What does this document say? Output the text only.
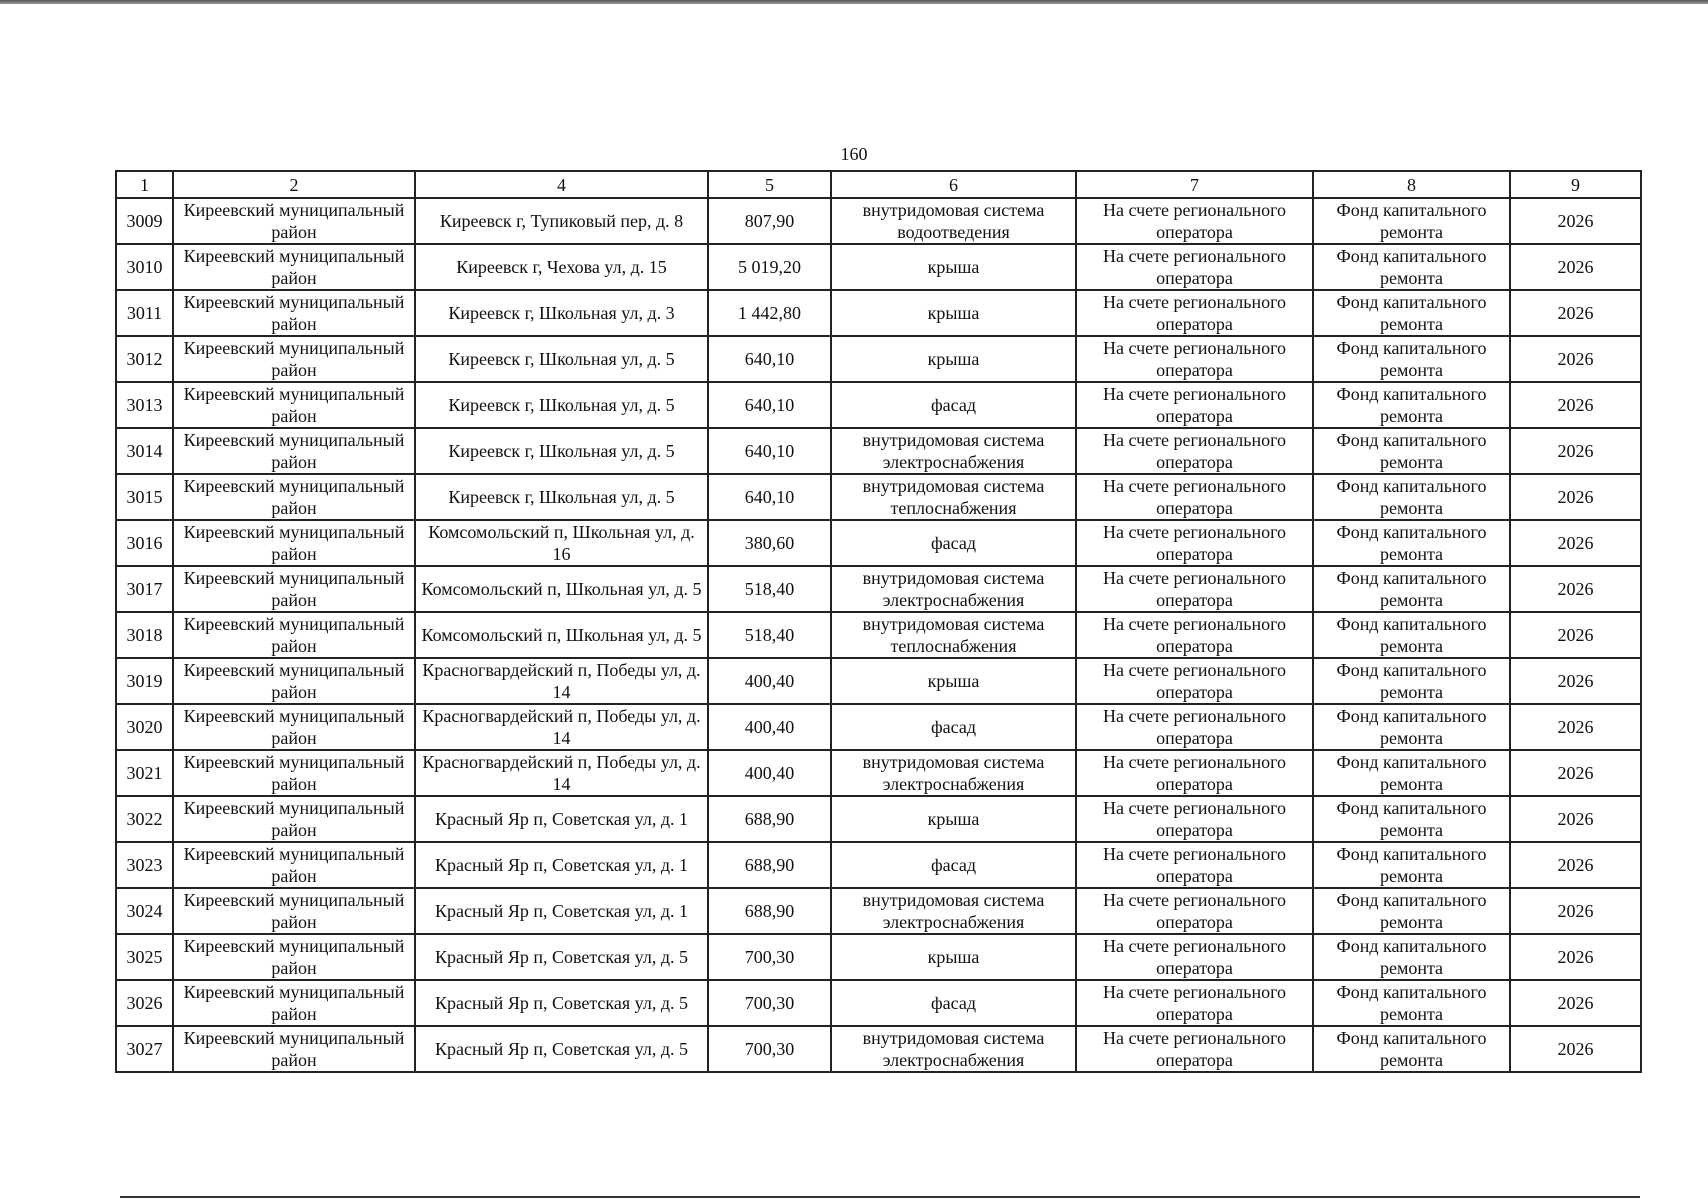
160
1	2	4	5	6	7	8	9
3009	Киреевский муниципальный район	Киреевск г, Тупиковый пер, д. 8	807,90	внутридомовая система водоотведения	На счете регионального оператора	Фонд капитального ремонта	2026
3010	Киреевский муниципальный район	Киреевск г, Чехова ул, д. 15	5 019,20	крыша	На счете регионального оператора	Фонд капитального ремонта	2026
3011	Киреевский муниципальный район	Киреевск г, Школьная ул, д. 3	1 442,80	крыша	На счете регионального оператора	Фонд капитального ремонта	2026
3012	Киреевский муниципальный район	Киреевск г, Школьная ул, д. 5	640,10	крыша	На счете регионального оператора	Фонд капитального ремонта	2026
3013	Киреевский муниципальный район	Киреевск г, Школьная ул, д. 5	640,10	фасад	На счете регионального оператора	Фонд капитального ремонта	2026
3014	Киреевский муниципальный район	Киреевск г, Школьная ул, д. 5	640,10	внутридомовая система электроснабжения	На счете регионального оператора	Фонд капитального ремонта	2026
3015	Киреевский муниципальный район	Киреевск г, Школьная ул, д. 5	640,10	внутридомовая система теплоснабжения	На счете регионального оператора	Фонд капитального ремонта	2026
3016	Киреевский муниципальный район	Комсомольский п, Школьная ул, д. 16	380,60	фасад	На счете регионального оператора	Фонд капитального ремонта	2026
3017	Киреевский муниципальный район	Комсомольский п, Школьная ул, д. 5	518,40	внутридомовая система электроснабжения	На счете регионального оператора	Фонд капитального ремонта	2026
3018	Киреевский муниципальный район	Комсомольский п, Школьная ул, д. 5	518,40	внутридомовая система теплоснабжения	На счете регионального оператора	Фонд капитального ремонта	2026
3019	Киреевский муниципальный район	Красногвардейский п, Победы ул, д. 14	400,40	крыша	На счете регионального оператора	Фонд капитального ремонта	2026
3020	Киреевский муниципальный район	Красногвардейский п, Победы ул, д. 14	400,40	фасад	На счете регионального оператора	Фонд капитального ремонта	2026
3021	Киреевский муниципальный район	Красногвардейский п, Победы ул, д. 14	400,40	внутридомовая система электроснабжения	На счете регионального оператора	Фонд капитального ремонта	2026
3022	Киреевский муниципальный район	Красный Яр п, Советская ул, д. 1	688,90	крыша	На счете регионального оператора	Фонд капитального ремонта	2026
3023	Киреевский муниципальный район	Красный Яр п, Советская ул, д. 1	688,90	фасад	На счете регионального оператора	Фонд капитального ремонта	2026
3024	Киреевский муниципальный район	Красный Яр п, Советская ул, д. 1	688,90	внутридомовая система электроснабжения	На счете регионального оператора	Фонд капитального ремонта	2026
3025	Киреевский муниципальный район	Красный Яр п, Советская ул, д. 5	700,30	крыша	На счете регионального оператора	Фонд капитального ремонта	2026
3026	Киреевский муниципальный район	Красный Яр п, Советская ул, д. 5	700,30	фасад	На счете регионального оператора	Фонд капитального ремонта	2026
3027	Киреевский муниципальный район	Красный Яр п, Советская ул, д. 5	700,30	внутридомовая система электроснабжения	На счете регионального оператора	Фонд капитального ремонта	2026
